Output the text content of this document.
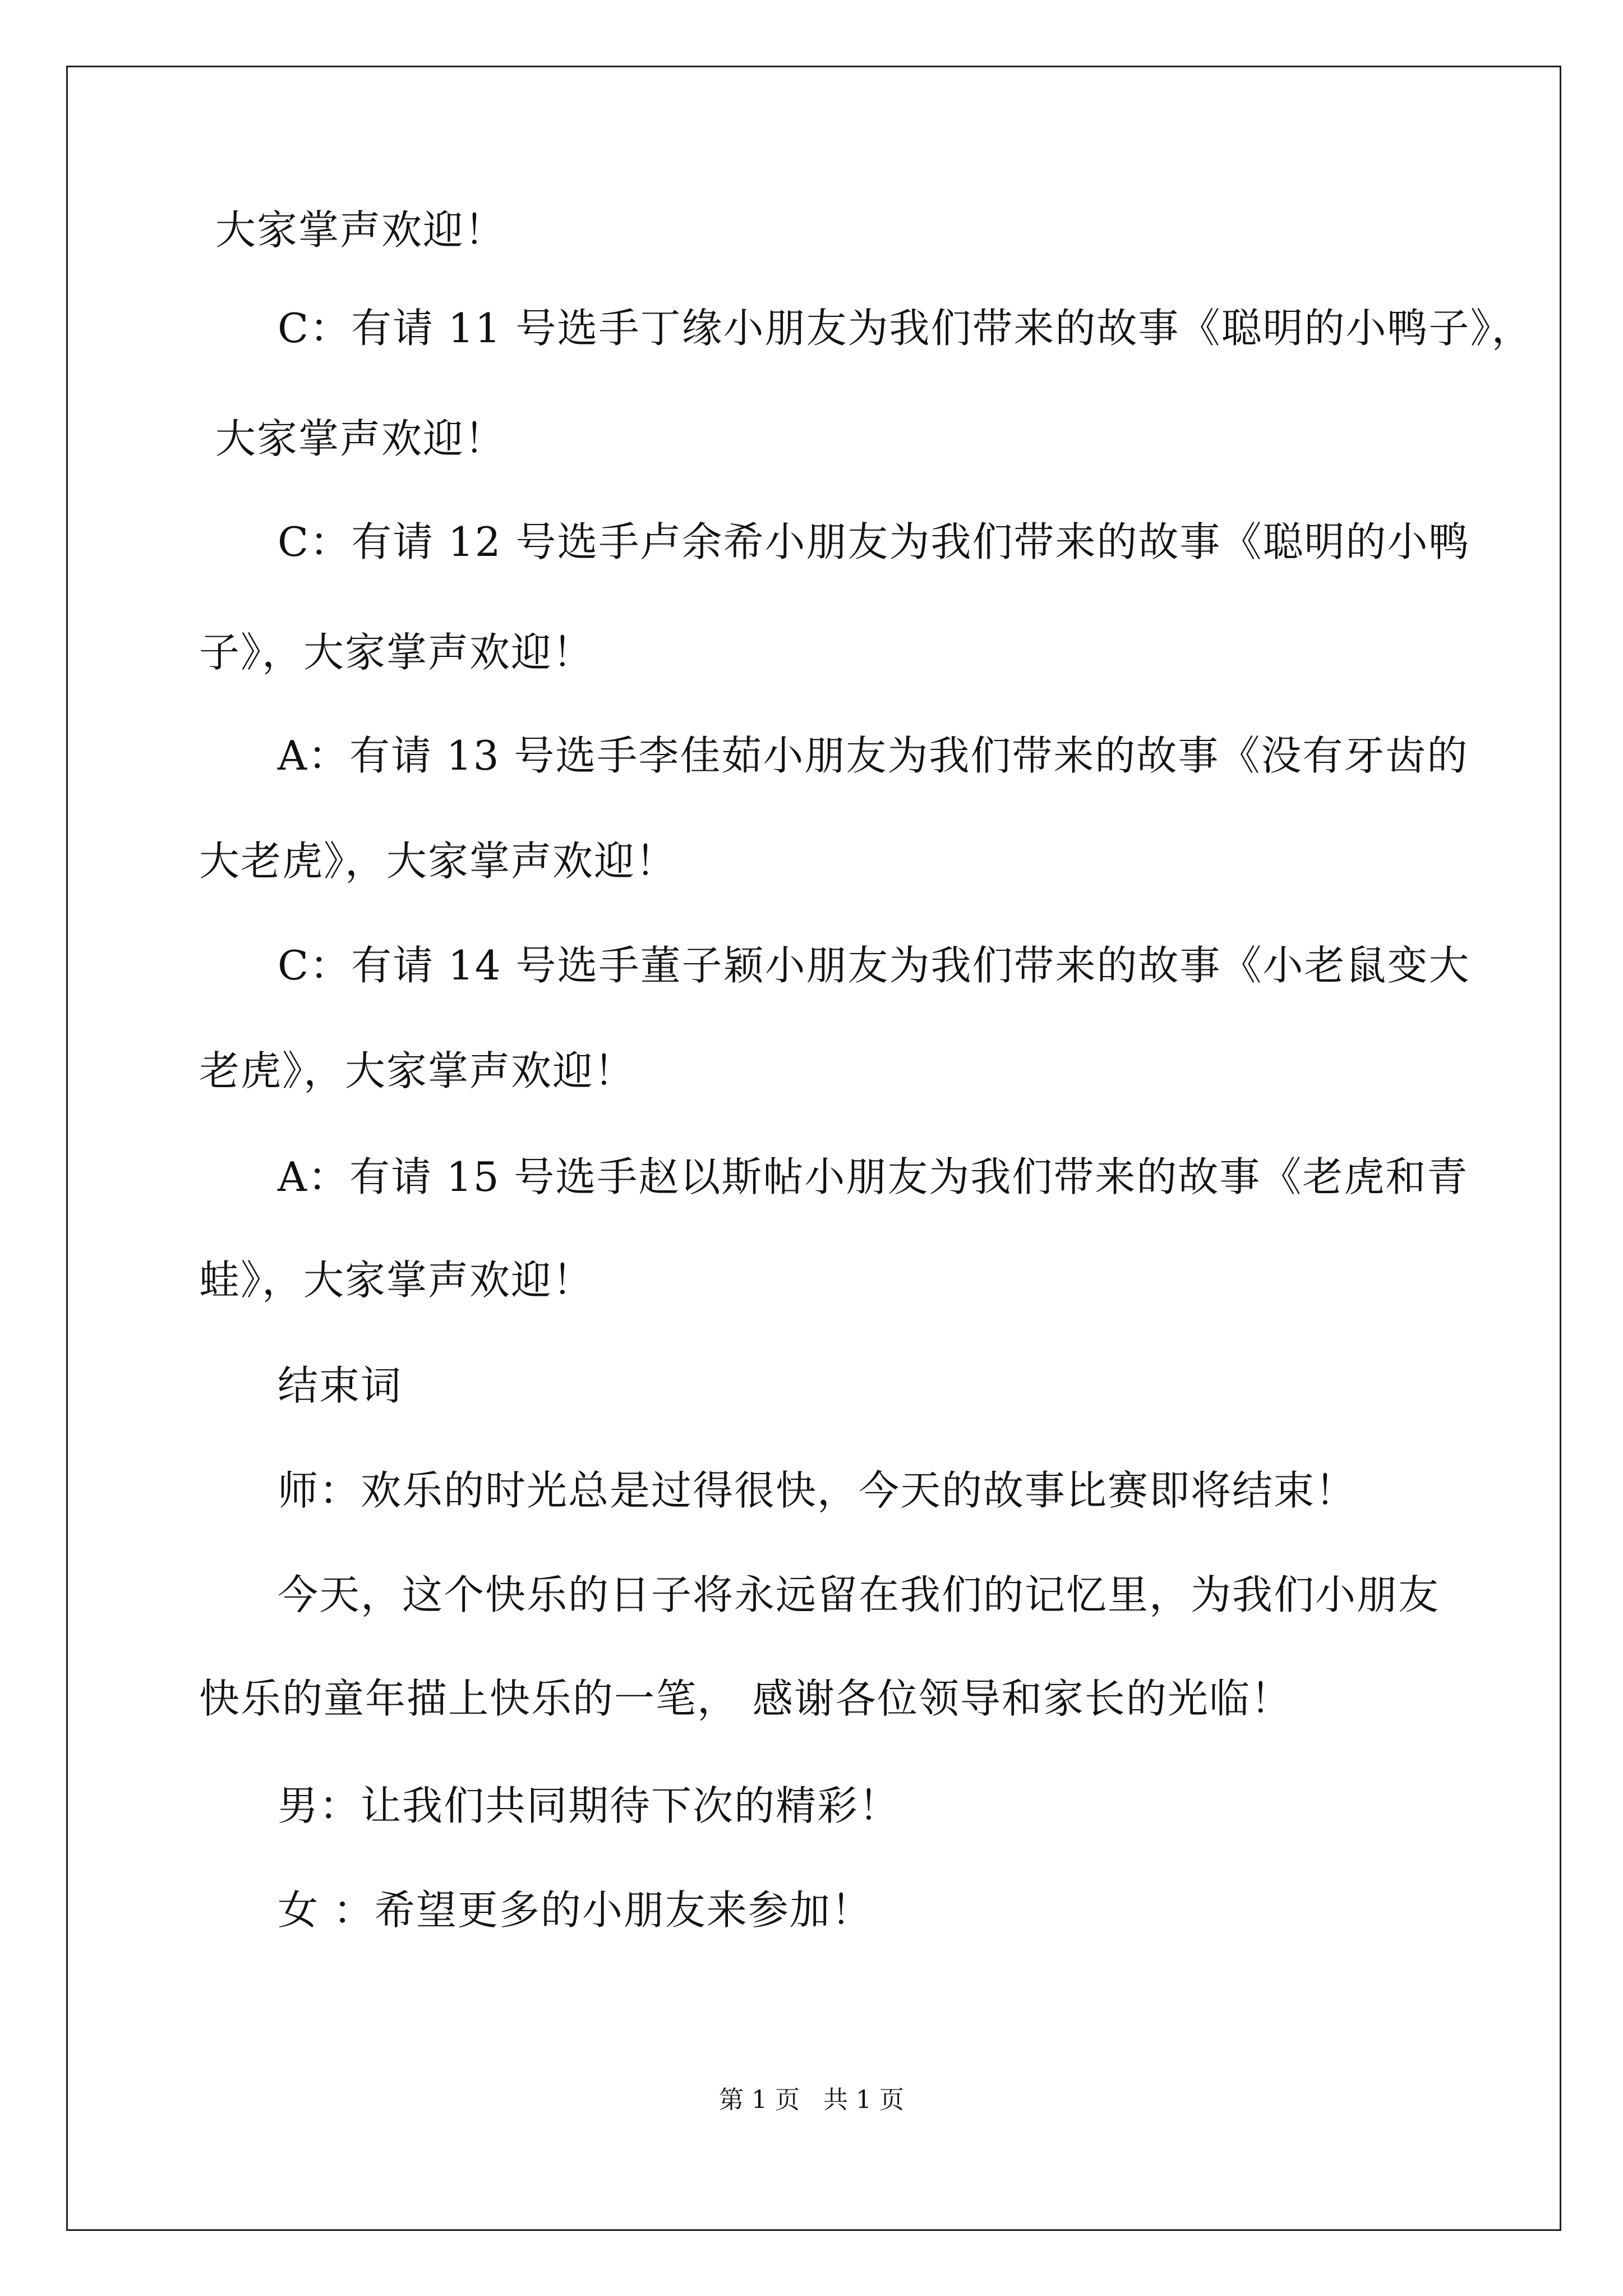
大家掌声欢迎！
C：有请 11 号选手丁缘小朋友为我们带来的故事《聪明的小鸭子》，
大家掌声欢迎！
C：有请 12 号选手卢余希小朋友为我们带来的故事《聪明的小鸭
子》，大家掌声欢迎！
A：有请 13 号选手李佳茹小朋友为我们带来的故事《没有牙齿的
大老虎》，大家掌声欢迎！
C：有请 14 号选手董子颖小朋友为我们带来的故事《小老鼠变大
老虎》，大家掌声欢迎！
A：有请 15 号选手赵以斯帖小朋友为我们带来的故事《老虎和青
蛙》，大家掌声欢迎！
结束词
师：欢乐的时光总是过得很快，今天的故事比赛即将结束！
今天，这个快乐的日子将永远留在我们的记忆里，为我们小朋友
快乐的童年描上快乐的一笔， 感谢各位领导和家长的光临！
男：让我们共同期待下次的精彩！
女 ：希望更多的小朋友来参加！
第 1 页 共 1 页
